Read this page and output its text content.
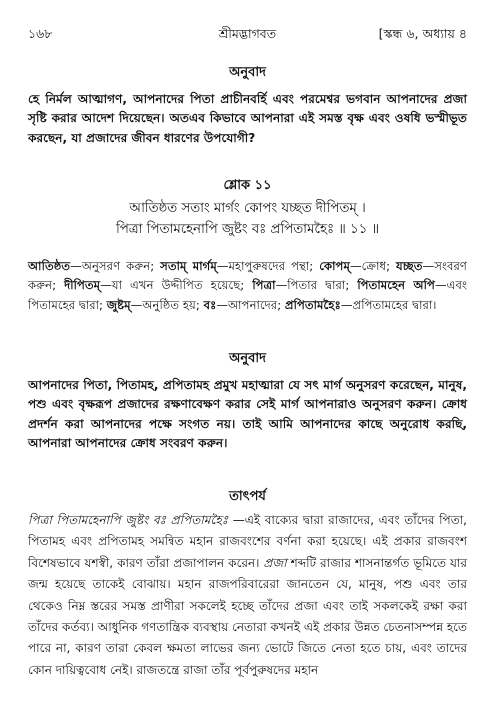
১৬৮	শ্রীমদ্ভাগবত	[স্কন্ধ ৬, অধ্যায় ৪
অনুবাদ
হে নির্মল আত্মাগণ, আপনাদের পিতা প্রাচীনবর্হি এবং পরমেশ্বর ভগবান আপনাদের প্রজা সৃষ্টি করার আদেশ দিয়েছেন। অতএব কিভাবে আপনারা এই সমস্ত বৃক্ষ এবং ওষধি ভস্মীভূত করছেন, যা প্রজাদের জীবন ধারণের উপযোগী?
শ্লোক ১১
আতিষ্ঠত সতাং মার্গং কোপং যচ্ছত দীপিতম্ ।
পিত্রা পিতামহেনাপি জুষ্টং বঃ প্রপিতামহৈঃ ॥ ১১ ॥
আতিষ্ঠত—অনুসরণ করুন; সতাম্ মার্গম্—মহাপুরুষদের পন্থা; কোপম্—ক্রোধ; যচ্ছত—সংবরণ করুন; দীপিতম্—যা এখন উদ্দীপিত হয়েছে; পিত্রা—পিতার দ্বারা; পিতামহেন অপি—এবং পিতামহের দ্বারা; জুষ্টম্—অনুষ্ঠিত হয়; বঃ—আপনাদের; প্রপিতামহৈঃ—প্রপিতামহের দ্বারা।
অনুবাদ
আপনাদের পিতা, পিতামহ, প্রপিতামহ প্রমুখ মহাত্মারা যে সৎ মার্গ অনুসরণ করেছেন, মানুষ, পশু এবং বৃক্ষরূপ প্রজাদের রক্ষণাবেক্ষণ করার সেই মার্গ আপনারাও অনুসরণ করুন। ক্রোধ প্রদর্শন করা আপনাদের পক্ষে সংগত নয়। তাই আমি আপনাদের কাছে অনুরোধ করছি, আপনারা আপনাদের ক্রোধ সংবরণ করুন।
তাৎপর্য
পিত্রা পিতামহেনাপি জুষ্টং বঃ প্রপিতামহৈঃ —এই বাক্যের দ্বারা রাজাদের, এবং তাঁদের পিতা, পিতামহ এবং প্রপিতামহ সমন্বিত মহান রাজবংশের বর্ণনা করা হয়েছে। এই প্রকার রাজবংশ বিশেষভাবে যশস্বী, কারণ তাঁরা প্রজাপালন করেন। প্রজা শব্দটি রাজার শাসনান্তর্গত ভূমিতে যার জন্ম হয়েছে তাকেই বোঝায়। মহান রাজপরিবারেরা জানতেন যে, মানুষ, পশু এবং তার থেকেও নিম্ন স্তরের সমস্ত প্রাণীরা সকলেই হচ্ছে তাঁদের প্রজা এবং তাই সকলকেই রক্ষা করা তাঁদের কর্তব্য। আধুনিক গণতান্ত্রিক ব্যবস্থায় নেতারা কখনই এই প্রকার উন্নত চেতনাসম্পন্ন হতে পারে না, কারণ তারা কেবল ক্ষমতা লাভের জন্য ভোটে জিতে নেতা হতে চায়, এবং তাদের কোন দায়িত্ববোধ নেই। রাজতন্ত্রে রাজা তাঁর পূর্বপুরুষদের মহান
